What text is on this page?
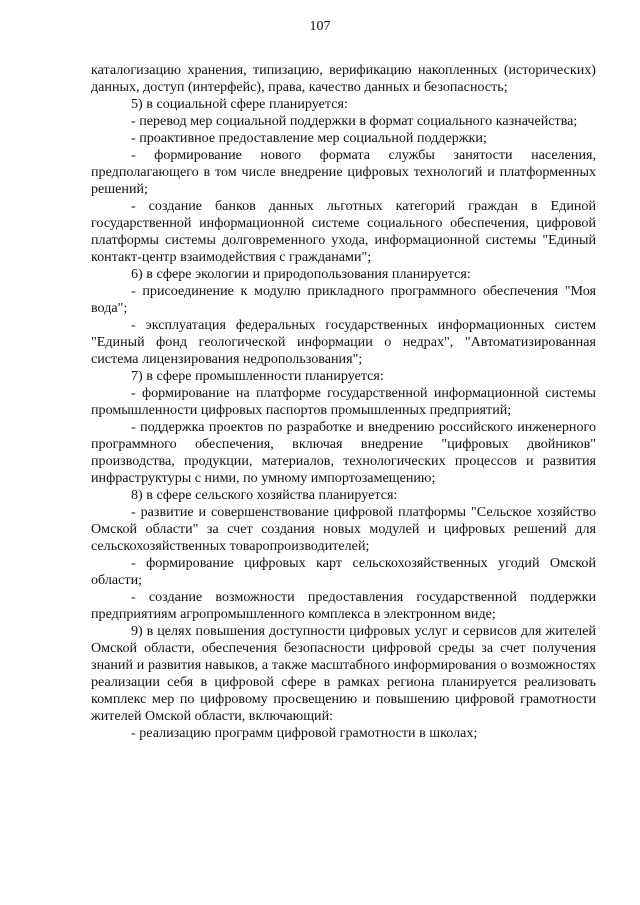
107

каталогизацию хранения, типизацию, верификацию накопленных (исторических) данных, доступ (интерфейс), права, качество данных и безопасность;

5) в социальной сфере планируется:

- перевод мер социальной поддержки в формат социального казначейства;

- проактивное предоставление мер социальной поддержки;

- формирование нового формата службы занятости населения, предполагающего в том числе внедрение цифровых технологий и платформенных решений;

- создание банков данных льготных категорий граждан в Единой государственной информационной системе социального обеспечения, цифровой платформы системы долговременного ухода, информационной системы "Единый контакт-центр взаимодействия с гражданами";

6) в сфере экологии и природопользования планируется:

- присоединение к модулю прикладного программного обеспечения "Моя вода";

- эксплуатация федеральных государственных информационных систем "Единый фонд геологической информации о недрах", "Автоматизированная система лицензирования недропользования";

7) в сфере промышленности планируется:

- формирование на платформе государственной информационной системы промышленности цифровых паспортов промышленных предприятий;

- поддержка проектов по разработке и внедрению российского инженерного программного обеспечения, включая внедрение "цифровых двойников" производства, продукции, материалов, технологических процессов и развития инфраструктуры с ними, по умному импортозамещению;

8) в сфере сельского хозяйства планируется:

- развитие и совершенствование цифровой платформы "Сельское хозяйство Омской области" за счет создания новых модулей и цифровых решений для сельскохозяйственных товаропроизводителей;

- формирование цифровых карт сельскохозяйственных угодий Омской области;

- создание возможности предоставления государственной поддержки предприятиям агропромышленного комплекса в электронном виде;

9) в целях повышения доступности цифровых услуг и сервисов для жителей Омской области, обеспечения безопасности цифровой среды за счет получения знаний и развития навыков, а также масштабного информирования о возможностях реализации себя в цифровой сфере в рамках региона планируется реализовать комплекс мер по цифровому просвещению и повышению цифровой грамотности жителей Омской области, включающий:

- реализацию программ цифровой грамотности в школах;
